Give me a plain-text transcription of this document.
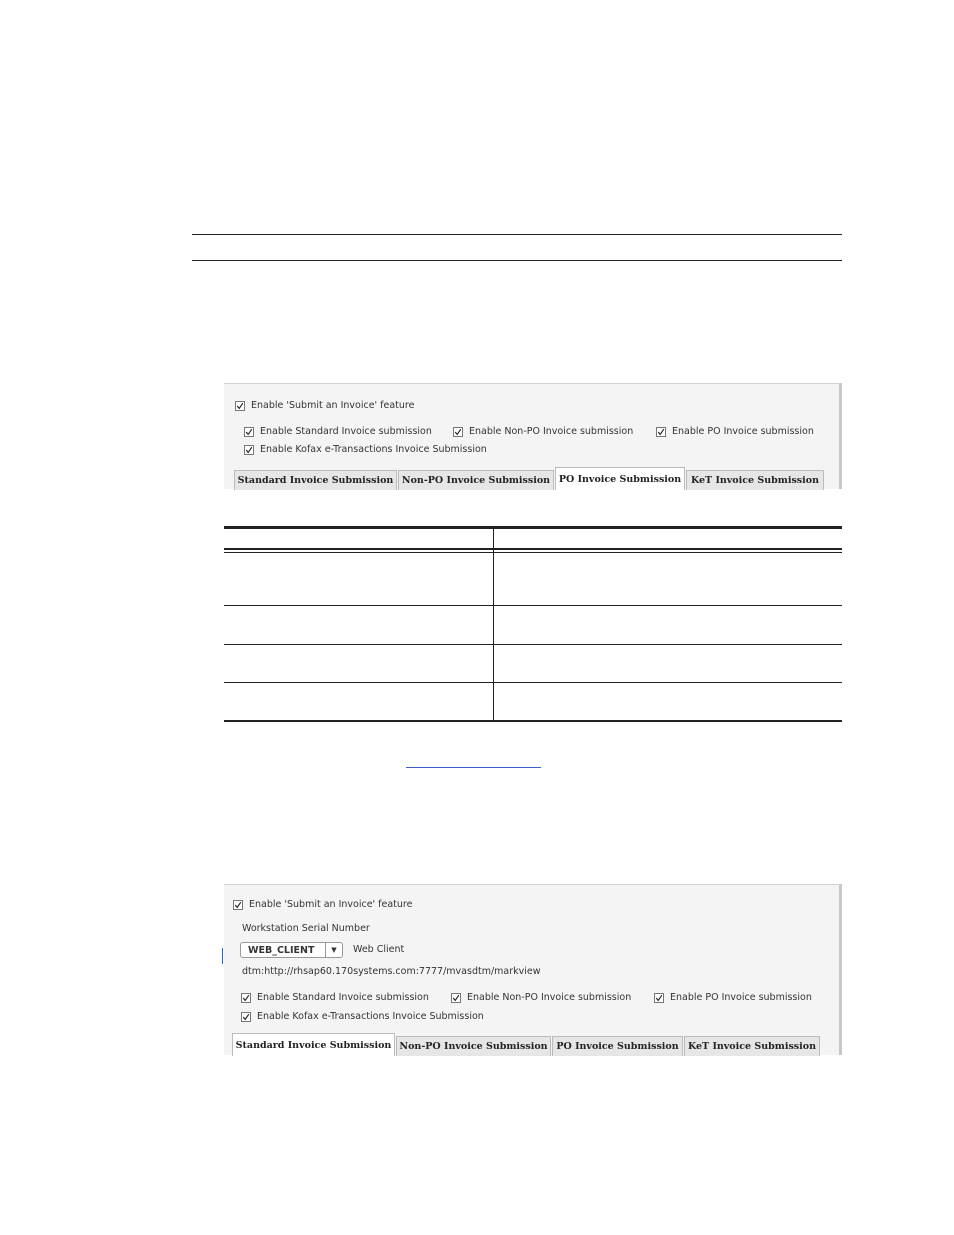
Enable 'Submit an Invoice' feature
Enable Standard Invoice submission	Enable Non-PO Invoice submission	Enable PO Invoice submission
Enable Kofax e-Transactions Invoice Submission
Standard Invoice Submission Non-PO Invoice Submission PO Invoice Submission	KeT Invoice Submission
Enable 'Submit an Invoice' feature
Workstation Serial Number
WEB_CLIENT	▼	Web Client
dtm:http://rhsap60.170systems.com:7777/mvasdtm/markview
Enable Standard Invoice submission	Enable Non-PO Invoice submission	Enable PO Invoice submission
Enable Kofax e-Transactions Invoice Submission
Standard Invoice Submission Non-PO Invoice Submission PO Invoice Submission KeT Invoice Submission
